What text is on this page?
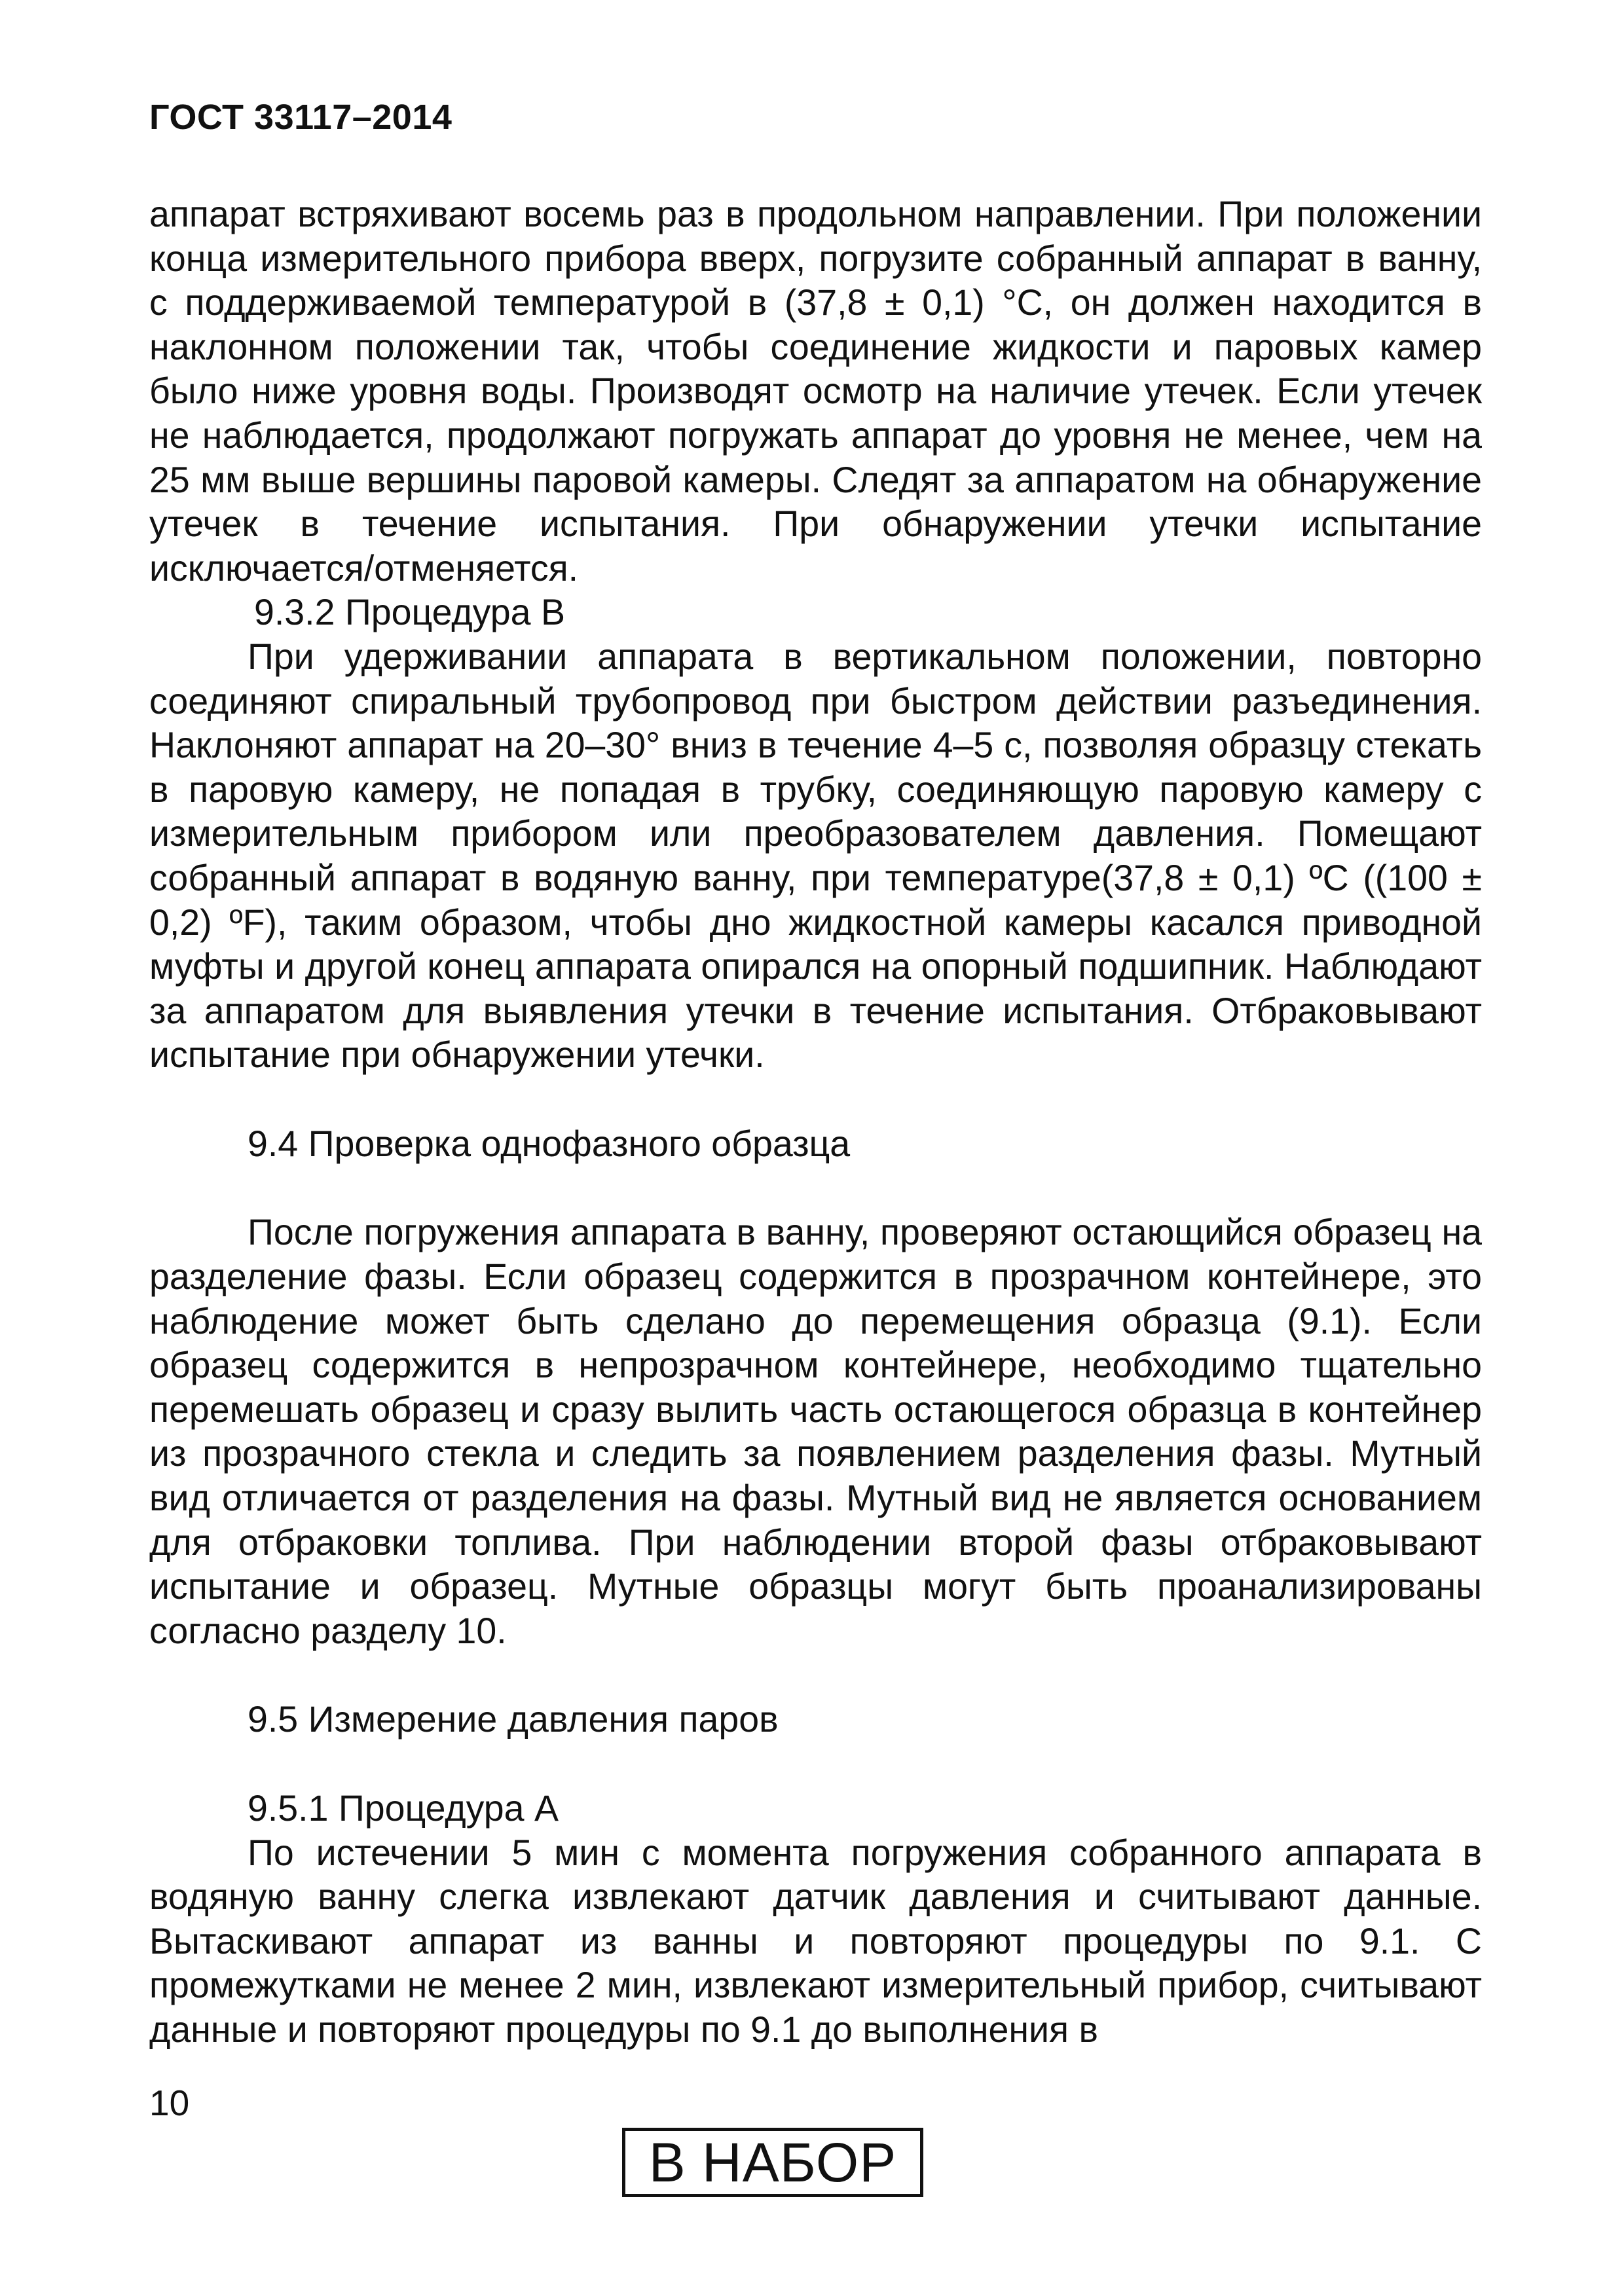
ГОСТ 33117–2014

аппарат встряхивают восемь раз в продольном направлении. При положении конца измерительного прибора вверх, погрузите собранный аппарат в ванну, с поддерживаемой температурой в (37,8 ± 0,1) °С, он должен находится в наклонном положении так, чтобы соединение жидкости и паровых камер было ниже уровня воды. Производят осмотр на наличие утечек. Если утечек не наблюдается, продолжают погружать аппарат до уровня не менее, чем на 25 мм выше вершины паровой камеры. Следят за аппаратом на обнаружение утечек в течение испытания. При обнаружении утечки испытание исключается/отменяется.

9.3.2 Процедура В

При удерживании аппарата в вертикальном положении, повторно соединяют спиральный трубопровод при быстром действии разъединения. Наклоняют аппарат на 20–30° вниз в течение 4–5 с, позволяя образцу стекать в паровую камеру, не попадая в трубку, соединяющую паровую камеру с измерительным прибором или преобразователем давления. Помещают собранный аппарат в водяную ванну, при температуре(37,8 ± 0,1) ºС ((100 ± 0,2) ºF), таким образом, чтобы дно жидкостной камеры касался приводной муфты и другой конец аппарата опирался на опорный подшипник. Наблюдают за аппаратом для выявления утечки в течение испытания. Отбраковывают испытание при обнаружении утечки.

9.4 Проверка однофазного образца

После погружения аппарата в ванну, проверяют остающийся образец на разделение фазы. Если образец содержится в прозрачном контейнере, это наблюдение может быть сделано до перемещения образца (9.1). Если образец содержится в непрозрачном контейнере, необходимо тщательно перемешать образец и сразу вылить часть остающегося образца в контейнер из прозрачного стекла и следить за появлением разделения фазы. Мутный вид отличается от разделения на фазы. Мутный вид не является основанием для отбраковки топлива. При наблюдении второй фазы отбраковывают испытание и образец. Мутные образцы могут быть проанализированы согласно разделу 10.

9.5 Измерение давления паров

9.5.1 Процедура А

По истечении 5 мин с момента погружения собранного аппарата в водяную ванну слегка извлекают датчик давления и считывают данные. Вытаскивают аппарат из ванны и повторяют процедуры по 9.1. С промежутками не менее 2 мин, извлекают измерительный прибор, считывают данные и повторяют процедуры по 9.1 до выполнения в

10
В НАБОР
